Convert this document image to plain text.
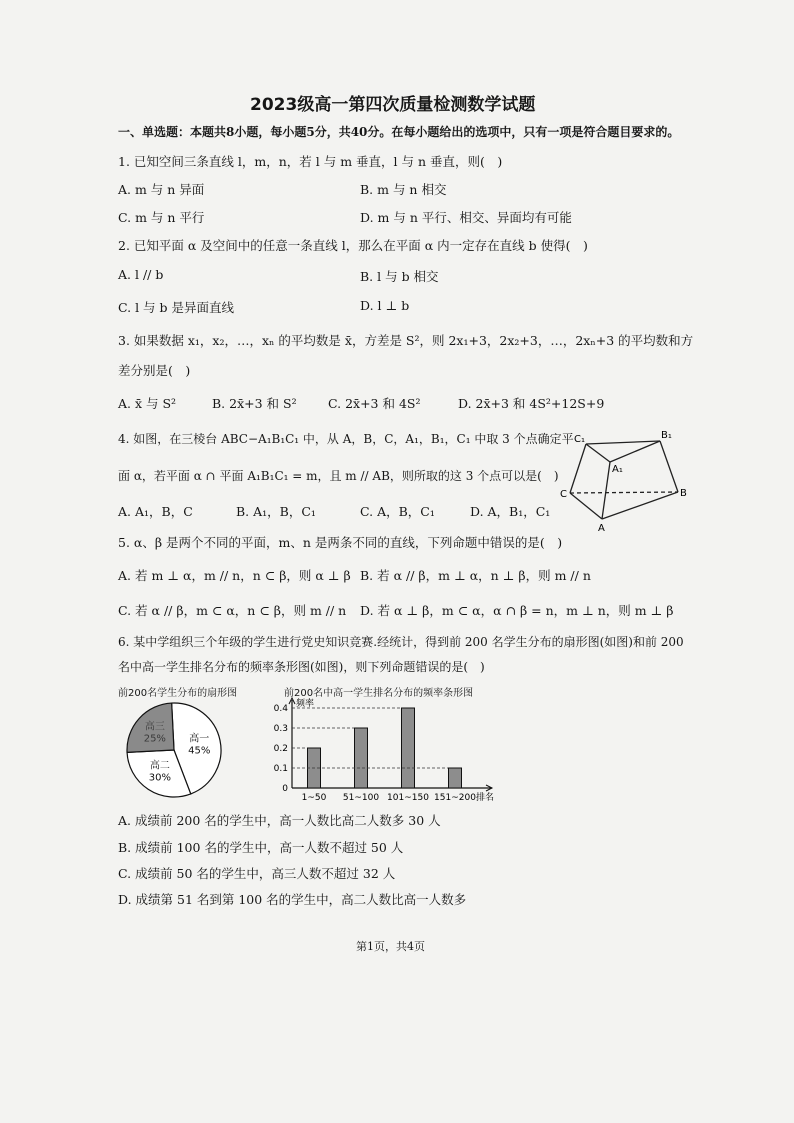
2023级高一第四次质量检测数学试题
一、单选题：本题共8小题，每小题5分，共40分。在每小题给出的选项中，只有一项是符合题目要求的。
1. 已知空间三条直线 l，m，n，若 l 与 m 垂直，l 与 n 垂直，则(　)
A. m 与 n 异面	B. m 与 n 相交
C. m 与 n 平行	D. m 与 n 平行、相交、异面均有可能
2. 已知平面 α 及空间中的任意一条直线 l，那么在平面 α 内一定存在直线 b 使得(　)
A. l // b	B. l 与 b 相交
C. l 与 b 是异面直线	D. l ⊥ b
3. 如果数据 x₁，x₂，…，xₙ 的平均数是 x̄，方差是 S²，则 2x₁+3，2x₂+3，…，2xₙ+3 的平均数和方
差分别是(　)
A. x̄ 与 S²	B. 2x̄+3 和 S²	C. 2x̄+3 和 4S²	D. 2x̄+3 和 4S²+12S+9
4. 如图，在三棱台 ABC−A₁B₁C₁ 中，从 A，B，C，A₁，B₁，C₁ 中取 3 个点确定平
面 α，若平面 α ∩ 平面 A₁B₁C₁ = m，且 m // AB，则所取的这 3 个点可以是(　)
A. A₁，B，C	B. A₁，B，C₁	C. A，B，C₁	D. A，B₁，C₁
C₁	B₁
A₁
C	B
A
5. α、β 是两个不同的平面，m、n 是两条不同的直线，下列命题中错误的是(　)
A. 若 m ⊥ α，m // n，n ⊂ β，则 α ⊥ β B. 若 α // β，m ⊥ α，n ⊥ β，则 m // n
C. 若 α // β，m ⊂ α，n ⊂ β，则 m // n D. 若 α ⊥ β，m ⊂ α，α ∩ β = n，m ⊥ n，则 m ⊥ β
6. 某中学组织三个年级的学生进行党史知识竞赛.经统计，得到前 200 名学生分布的扇形图(如图)和前 200
名中高一学生排名分布的频率条形图(如图)，则下列命题错误的是(　)
前200名学生分布的扇形图
高一 45%
高二 30%
高三 25%
前200名中高一学生排名分布的频率条形图
频率
排名
0
0.1
0.2
0.3
0.4
1~50 51~100 101~150 151~200
A. 成绩前 200 名的学生中，高一人数比高二人数多 30 人
B. 成绩前 100 名的学生中，高一人数不超过 50 人
C. 成绩前 50 名的学生中，高三人数不超过 32 人
D. 成绩第 51 名到第 100 名的学生中，高二人数比高一人数多
第1页，共4页
